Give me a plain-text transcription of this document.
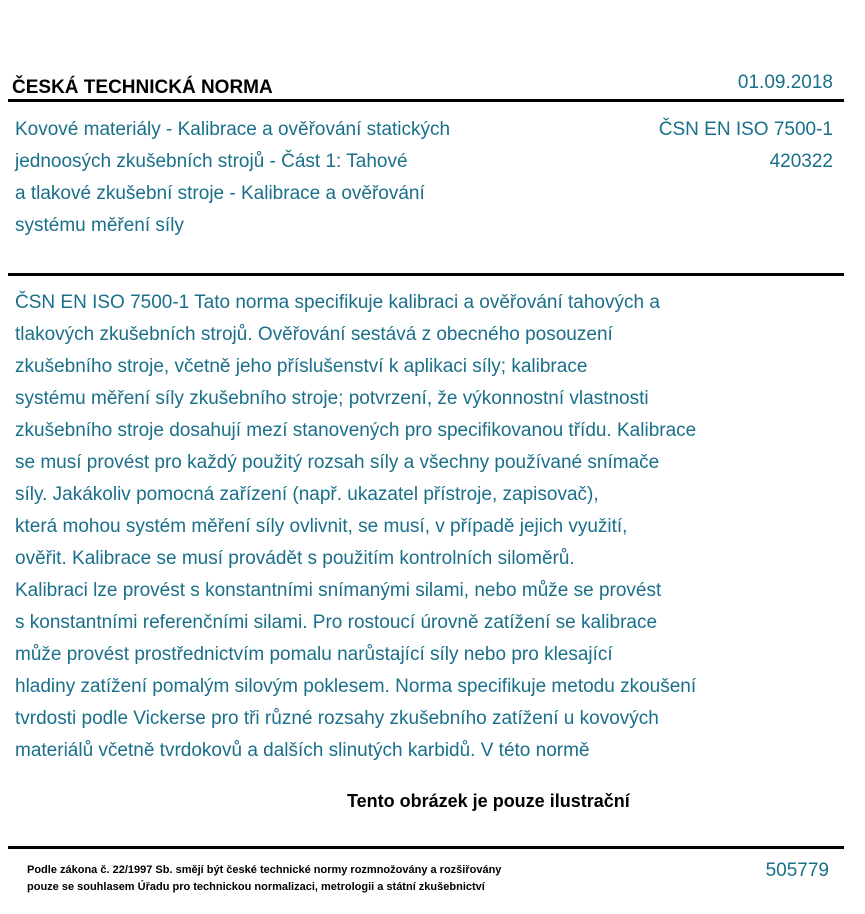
ČESKÁ TECHNICKÁ NORMA	01.09.2018
Kovové materiály - Kalibrace a ověřování statických
jednoosých zkušebních strojů - Část 1: Tahové
a tlakové zkušební stroje - Kalibrace a ověřování
systému měření síly
ČSN EN ISO 7500-1
420322
ČSN EN ISO 7500-1 Tato norma specifikuje kalibraci a ověřování tahových a
tlakových zkušebních strojů. Ověřování sestává z obecného posouzení
zkušebního stroje, včetně jeho příslušenství k aplikaci síly; kalibrace
systému měření síly zkušebního stroje; potvrzení, že výkonnostní vlastnosti
zkušebního stroje dosahují mezí stanovených pro specifikovanou třídu. Kalibrace
se musí provést pro každý použitý rozsah síly a všechny používané snímače
síly. Jakákoliv pomocná zařízení (např. ukazatel přístroje, zapisovač),
která mohou systém měření síly ovlivnit, se musí, v případě jejich využití,
ověřit. Kalibrace se musí provádět s použitím kontrolních siloměrů.
Kalibraci lze provést s konstantními snímanými silami, nebo může se provést
s konstantními referenčními silami. Pro rostoucí úrovně zatížení se kalibrace
může provést prostřednictvím pomalu narůstající síly nebo pro klesající
hladiny zatížení pomalým silovým poklesem. Norma specifikuje metodu zkoušení
tvrdosti podle Vickerse pro tři různé rozsahy zkušebního zatížení u kovových
materiálů včetně tvrdokovů a dalších slinutých karbidů. V této normě
Tento obrázek je pouze ilustrační
Podle zákona č. 22/1997 Sb. smějí být české technické normy rozmnožovány a rozšiřovány
pouze se souhlasem Úřadu pro technickou normalizaci, metrologii a státní zkušebnictví
505779
